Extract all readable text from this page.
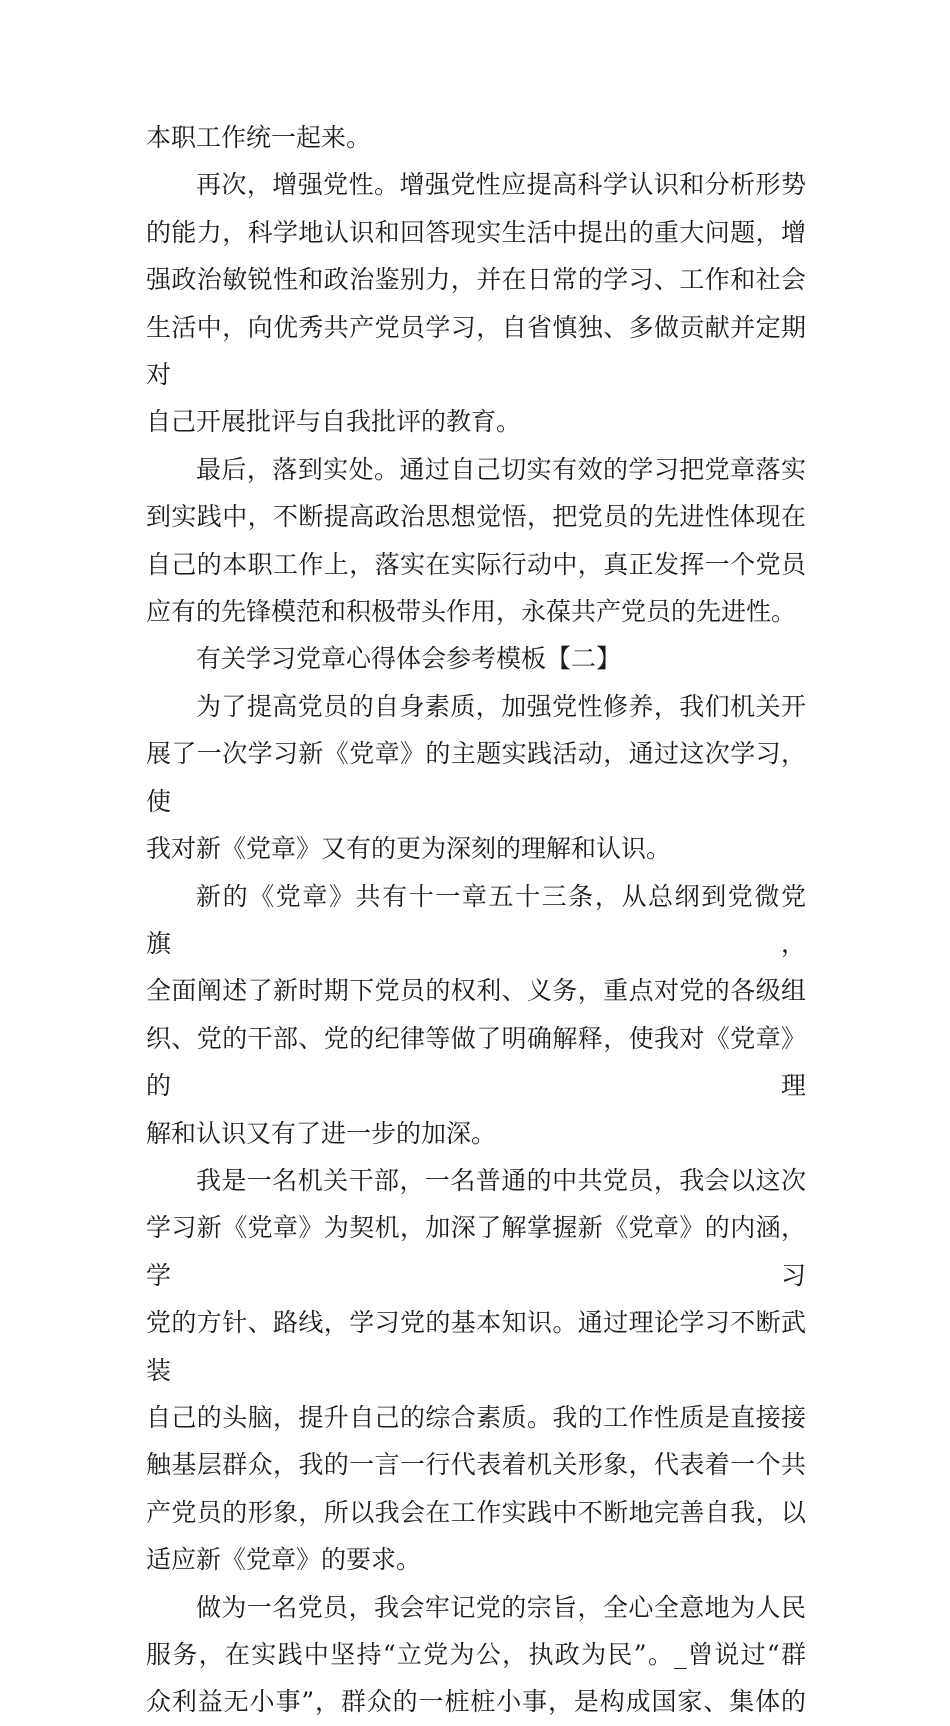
本职工作统一起来。

再次，增强党性。增强党性应提高科学认识和分析形势
的能力，科学地认识和回答现实生活中提出的重大问题，增
强政治敏锐性和政治鉴别力，并在日常的学习、工作和社会
生活中，向优秀共产党员学习，自省慎独、多做贡献并定期对
自己开展批评与自我批评的教育。

最后，落到实处。通过自己切实有效的学习把党章落实
到实践中，不断提高政治思想觉悟，把党员的先进性体现在
自己的本职工作上，落实在实际行动中，真正发挥一个党员
应有的先锋模范和积极带头作用，永葆共产党员的先进性。

有关学习党章心得体会参考模板【二】

为了提高党员的自身素质，加强党性修养，我们机关开
展了一次学习新《党章》的主题实践活动，通过这次学习，使
我对新《党章》又有的更为深刻的理解和认识。

新的《党章》共有十一章五十三条，从总纲到党微党旗，
全面阐述了新时期下党员的权利、义务，重点对党的各级组
织、党的干部、党的纪律等做了明确解释，使我对《党章》的理
解和认识又有了进一步的加深。

我是一名机关干部，一名普通的中共党员，我会以这次
学习新《党章》为契机，加深了解掌握新《党章》的内涵，学习
党的方针、路线，学习党的基本知识。通过理论学习不断武装
自己的头脑，提升自己的综合素质。我的工作性质是直接接
触基层群众，我的一言一行代表着机关形象，代表着一个共
产党员的形象，所以我会在工作实践中不断地完善自我，以
适应新《党章》的要求。

做为一名党员，我会牢记党的宗旨，全心全意地为人民
服务，在实践中坚持“立党为公，执政为民”。_曾说过“群
众利益无小事”，群众的一桩桩小事，是构成国家、集体的
